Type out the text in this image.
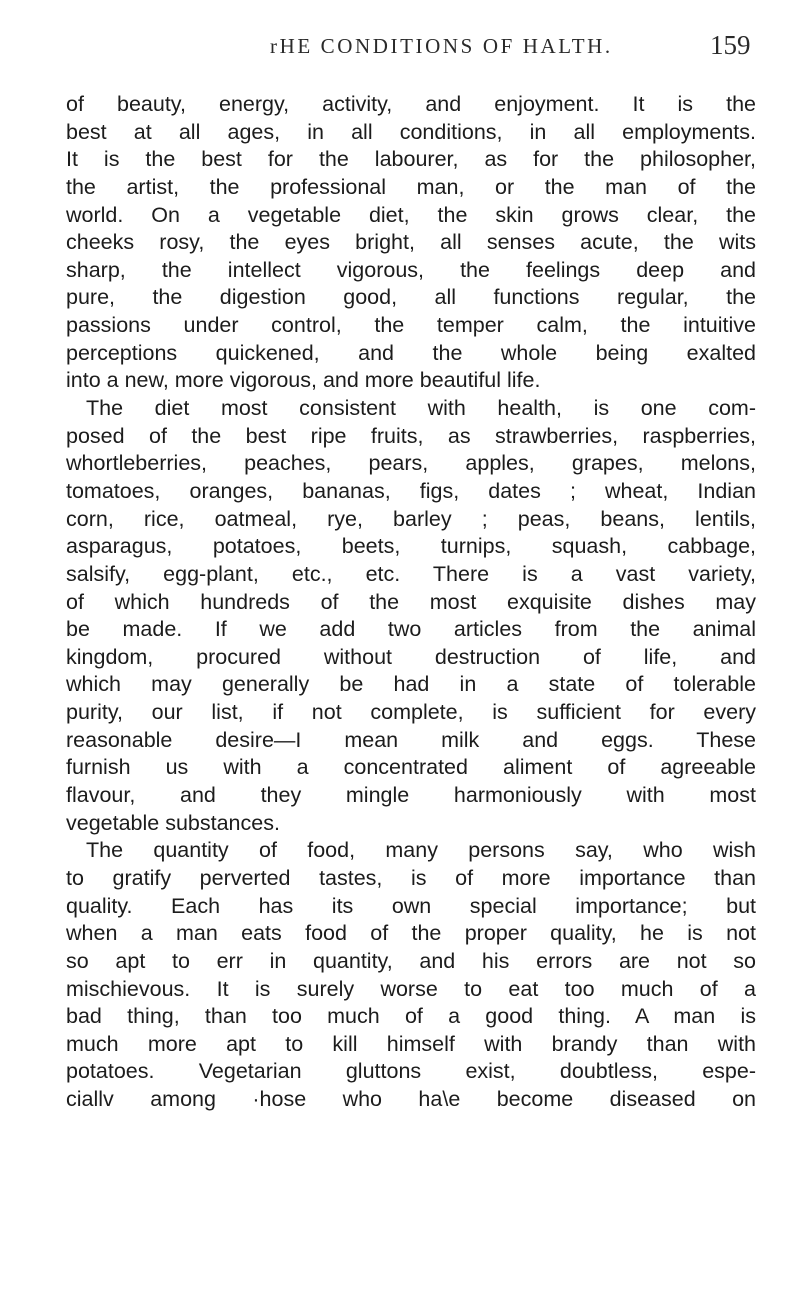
rHE CONDITIONS OF HALTH.	159
of beauty, energy, activity, and enjoyment. It is the
best at all ages, in all conditions, in all employments.
It is the best for the labourer, as for the philosopher,
the artist, the professional man, or the man of the
world. On a vegetable diet, the skin grows clear, the
cheeks rosy, the eyes bright, all senses acute, the wits
sharp, the intellect vigorous, the feelings deep and
pure, the digestion good, all functions regular, the
passions under control, the temper calm, the intuitive
perceptions quickened, and the whole being exalted
into a new, more vigorous, and more beautiful life.
The diet most consistent with health, is one com-
posed of the best ripe fruits, as strawberries, raspberries,
whortleberries, peaches, pears, apples, grapes, melons,
tomatoes, oranges, bananas, figs, dates ; wheat, Indian
corn, rice, oatmeal, rye, barley ; peas, beans, lentils,
asparagus, potatoes, beets, turnips, squash, cabbage,
salsify, egg-plant, etc., etc. There is a vast variety,
of which hundreds of the most exquisite dishes may
be made. If we add two articles from the animal
kingdom, procured without destruction of life, and
which may generally be had in a state of tolerable
purity, our list, if not complete, is sufficient for every
reasonable desire—I mean milk and eggs. These
furnish us with a concentrated aliment of agreeable
flavour, and they mingle harmoniously with most
vegetable substances.
The quantity of food, many persons say, who wish
to gratify perverted tastes, is of more importance than
quality. Each has its own special importance; but
when a man eats food of the proper quality, he is not
so apt to err in quantity, and his errors are not so
mischievous. It is surely worse to eat too much of a
bad thing, than too much of a good thing. A man is
much more apt to kill himself with brandy than with
potatoes. Vegetarian gluttons exist, doubtless, espe-
ciallv among ·hose who ha\e become diseased on
